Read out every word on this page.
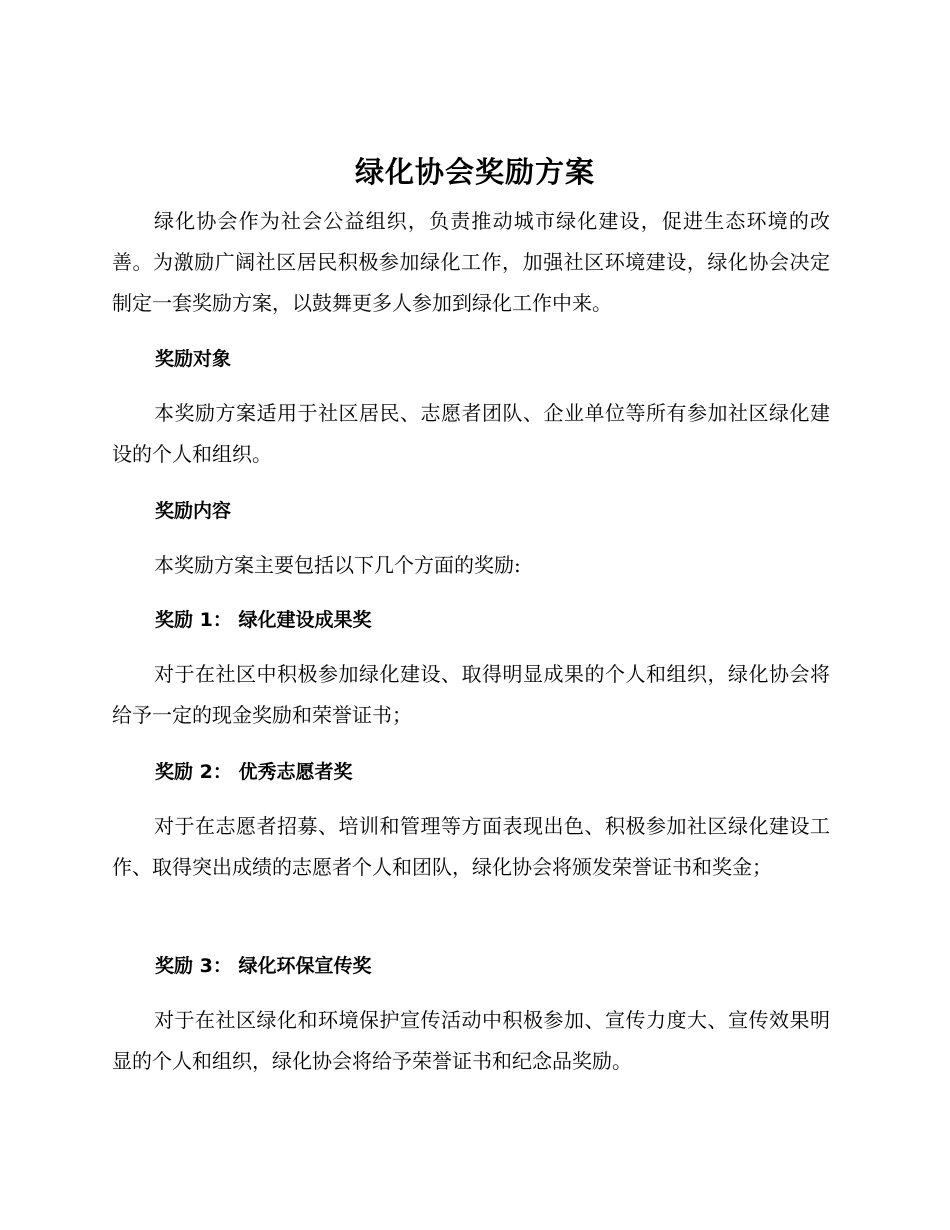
绿化协会奖励方案

绿化协会作为社会公益组织，负责推动城市绿化建设，促进生态环境的改善。为激励广阔社区居民积极参加绿化工作，加强社区环境建设，绿化协会决定制定一套奖励方案，以鼓舞更多人参加到绿化工作中来。

奖励对象

本奖励方案适用于社区居民、志愿者团队、企业单位等所有参加社区绿化建设的个人和组织。

奖励内容

本奖励方案主要包括以下几个方面的奖励:

奖励 1： 绿化建设成果奖

对于在社区中积极参加绿化建设、取得明显成果的个人和组织，绿化协会将给予一定的现金奖励和荣誉证书；

奖励 2： 优秀志愿者奖

对于在志愿者招募、培训和管理等方面表现出色、积极参加社区绿化建设工作、取得突出成绩的志愿者个人和团队，绿化协会将颁发荣誉证书和奖金；

奖励 3： 绿化环保宣传奖

对于在社区绿化和环境保护宣传活动中积极参加、宣传力度大、宣传效果明显的个人和组织，绿化协会将给予荣誉证书和纪念品奖励。
